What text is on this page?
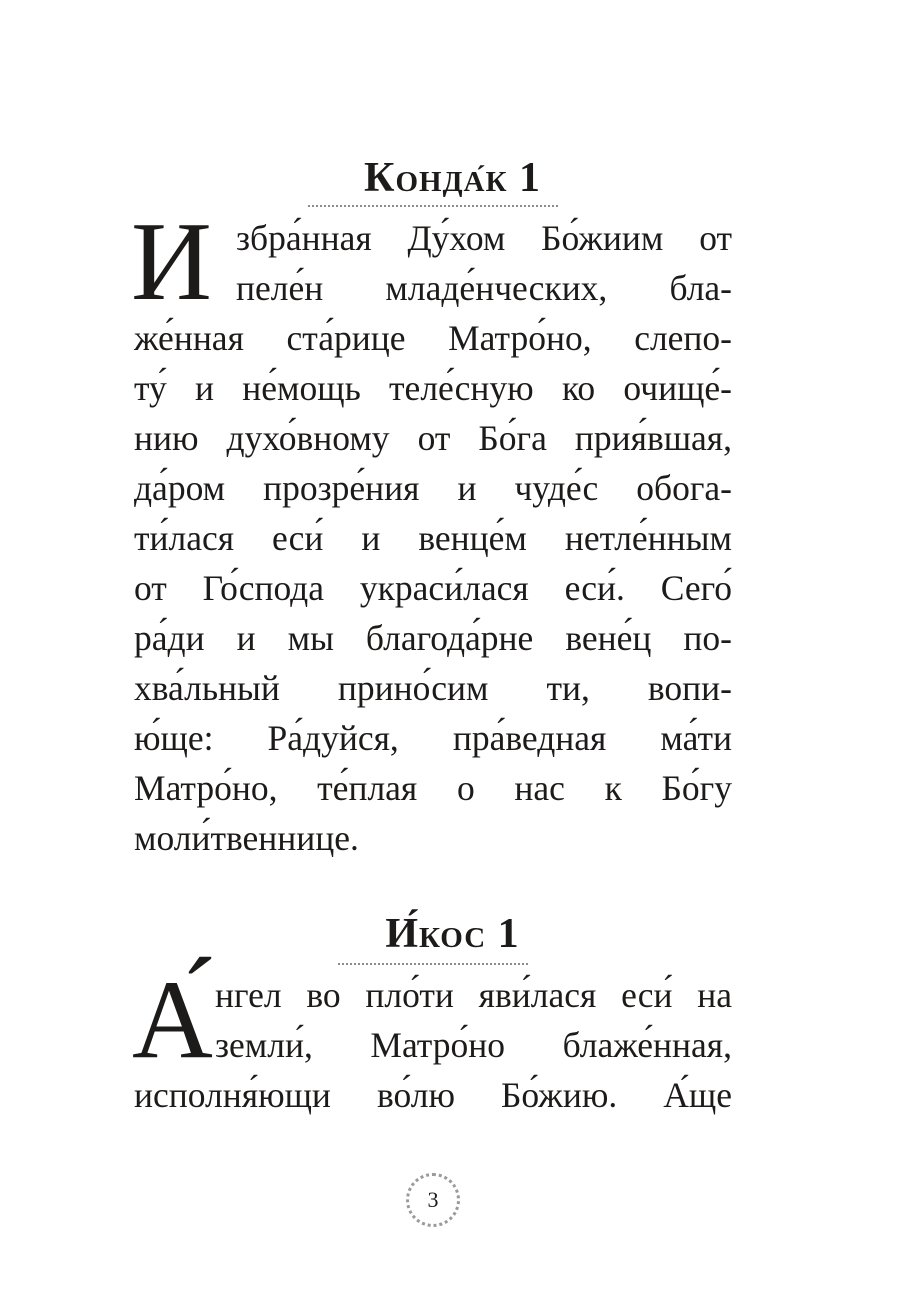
Конда́к 1
И збра́нная Ду́хом Бо́жиим от
пеле́н младе́нческих, бла-
же́нная ста́рице Матро́но, слепо-
ту́ и не́мощь теле́сную ко очище́-
нию духо́вному от Бо́га прия́вшая,
да́ром прозре́ния и чуде́с обога-
ти́лася еси́ и венце́м нетле́нным
от Го́спода украси́лася еси́. Сего́
ра́ди и мы благода́рне вене́ц по-
хва́льный прино́сим ти, вопи-
ю́ще: Ра́дуйся, пра́ведная ма́ти
Матро́но, те́плая о нас к Бо́гу
моли́твеннице.
И́кос 1
А́ нгел во пло́ти яви́лася еси́ на
земли́, Матро́но блаже́нная,
исполня́ющи во́лю Бо́жию. А́ще
3
